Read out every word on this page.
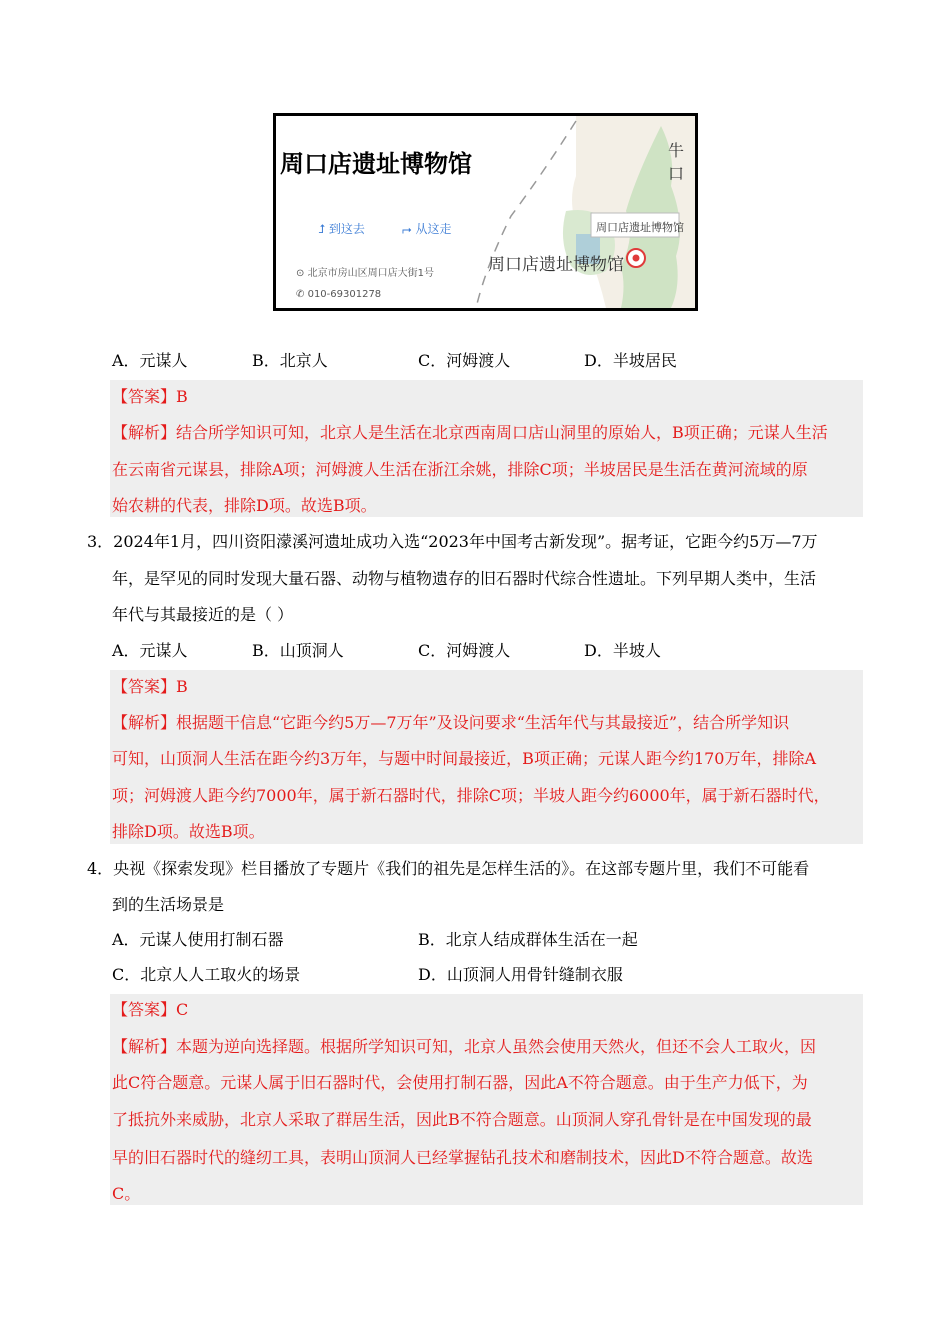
周口店遗址博物馆
⮥ 到这去	⮣ 从这走
⊙ 北京市房山区周口店大街1号
✆ 010-69301278
周口店遗址博物馆
周口店遗址博物馆
牛口
A．元谋人	B．北京人	C．河姆渡人	D．半坡居民
【答案】B
【解析】结合所学知识可知，北京人是生活在北京西南周口店山洞里的原始人，B项正确；元谋人生活
在云南省元谋县，排除A项；河姆渡人生活在浙江余姚，排除C项；半坡居民是生活在黄河流域的原
始农耕的代表，排除D项。故选B项。
3．2024年1月，四川资阳濛溪河遗址成功入选“2023年中国考古新发现”。据考证，它距今约5万—7万
年，是罕见的同时发现大量石器、动物与植物遗存的旧石器时代综合性遗址。下列早期人类中，生活
年代与其最接近的是（ ）
A．元谋人	B．山顶洞人	C．河姆渡人	D．半坡人
【答案】B
【解析】根据题干信息“它距今约5万—7万年”及设问要求“生活年代与其最接近”，结合所学知识
可知，山顶洞人生活在距今约3万年，与题中时间最接近，B项正确；元谋人距今约170万年，排除A
项；河姆渡人距今约7000年，属于新石器时代，排除C项；半坡人距今约6000年，属于新石器时代，
排除D项。故选B项。
4．央视《探索发现》栏目播放了专题片《我们的祖先是怎样生活的》。在这部专题片里，我们不可能看
到的生活场景是
A．元谋人使用打制石器	B．北京人结成群体生活在一起
C．北京人人工取火的场景	D．山顶洞人用骨针缝制衣服
【答案】C
【解析】本题为逆向选择题。根据所学知识可知，北京人虽然会使用天然火，但还不会人工取火，因
此C符合题意。元谋人属于旧石器时代，会使用打制石器，因此A不符合题意。由于生产力低下，为
了抵抗外来威胁，北京人采取了群居生活，因此B不符合题意。山顶洞人穿孔骨针是在中国发现的最
早的旧石器时代的缝纫工具，表明山顶洞人已经掌握钻孔技术和磨制技术，因此D不符合题意。故选
C。
